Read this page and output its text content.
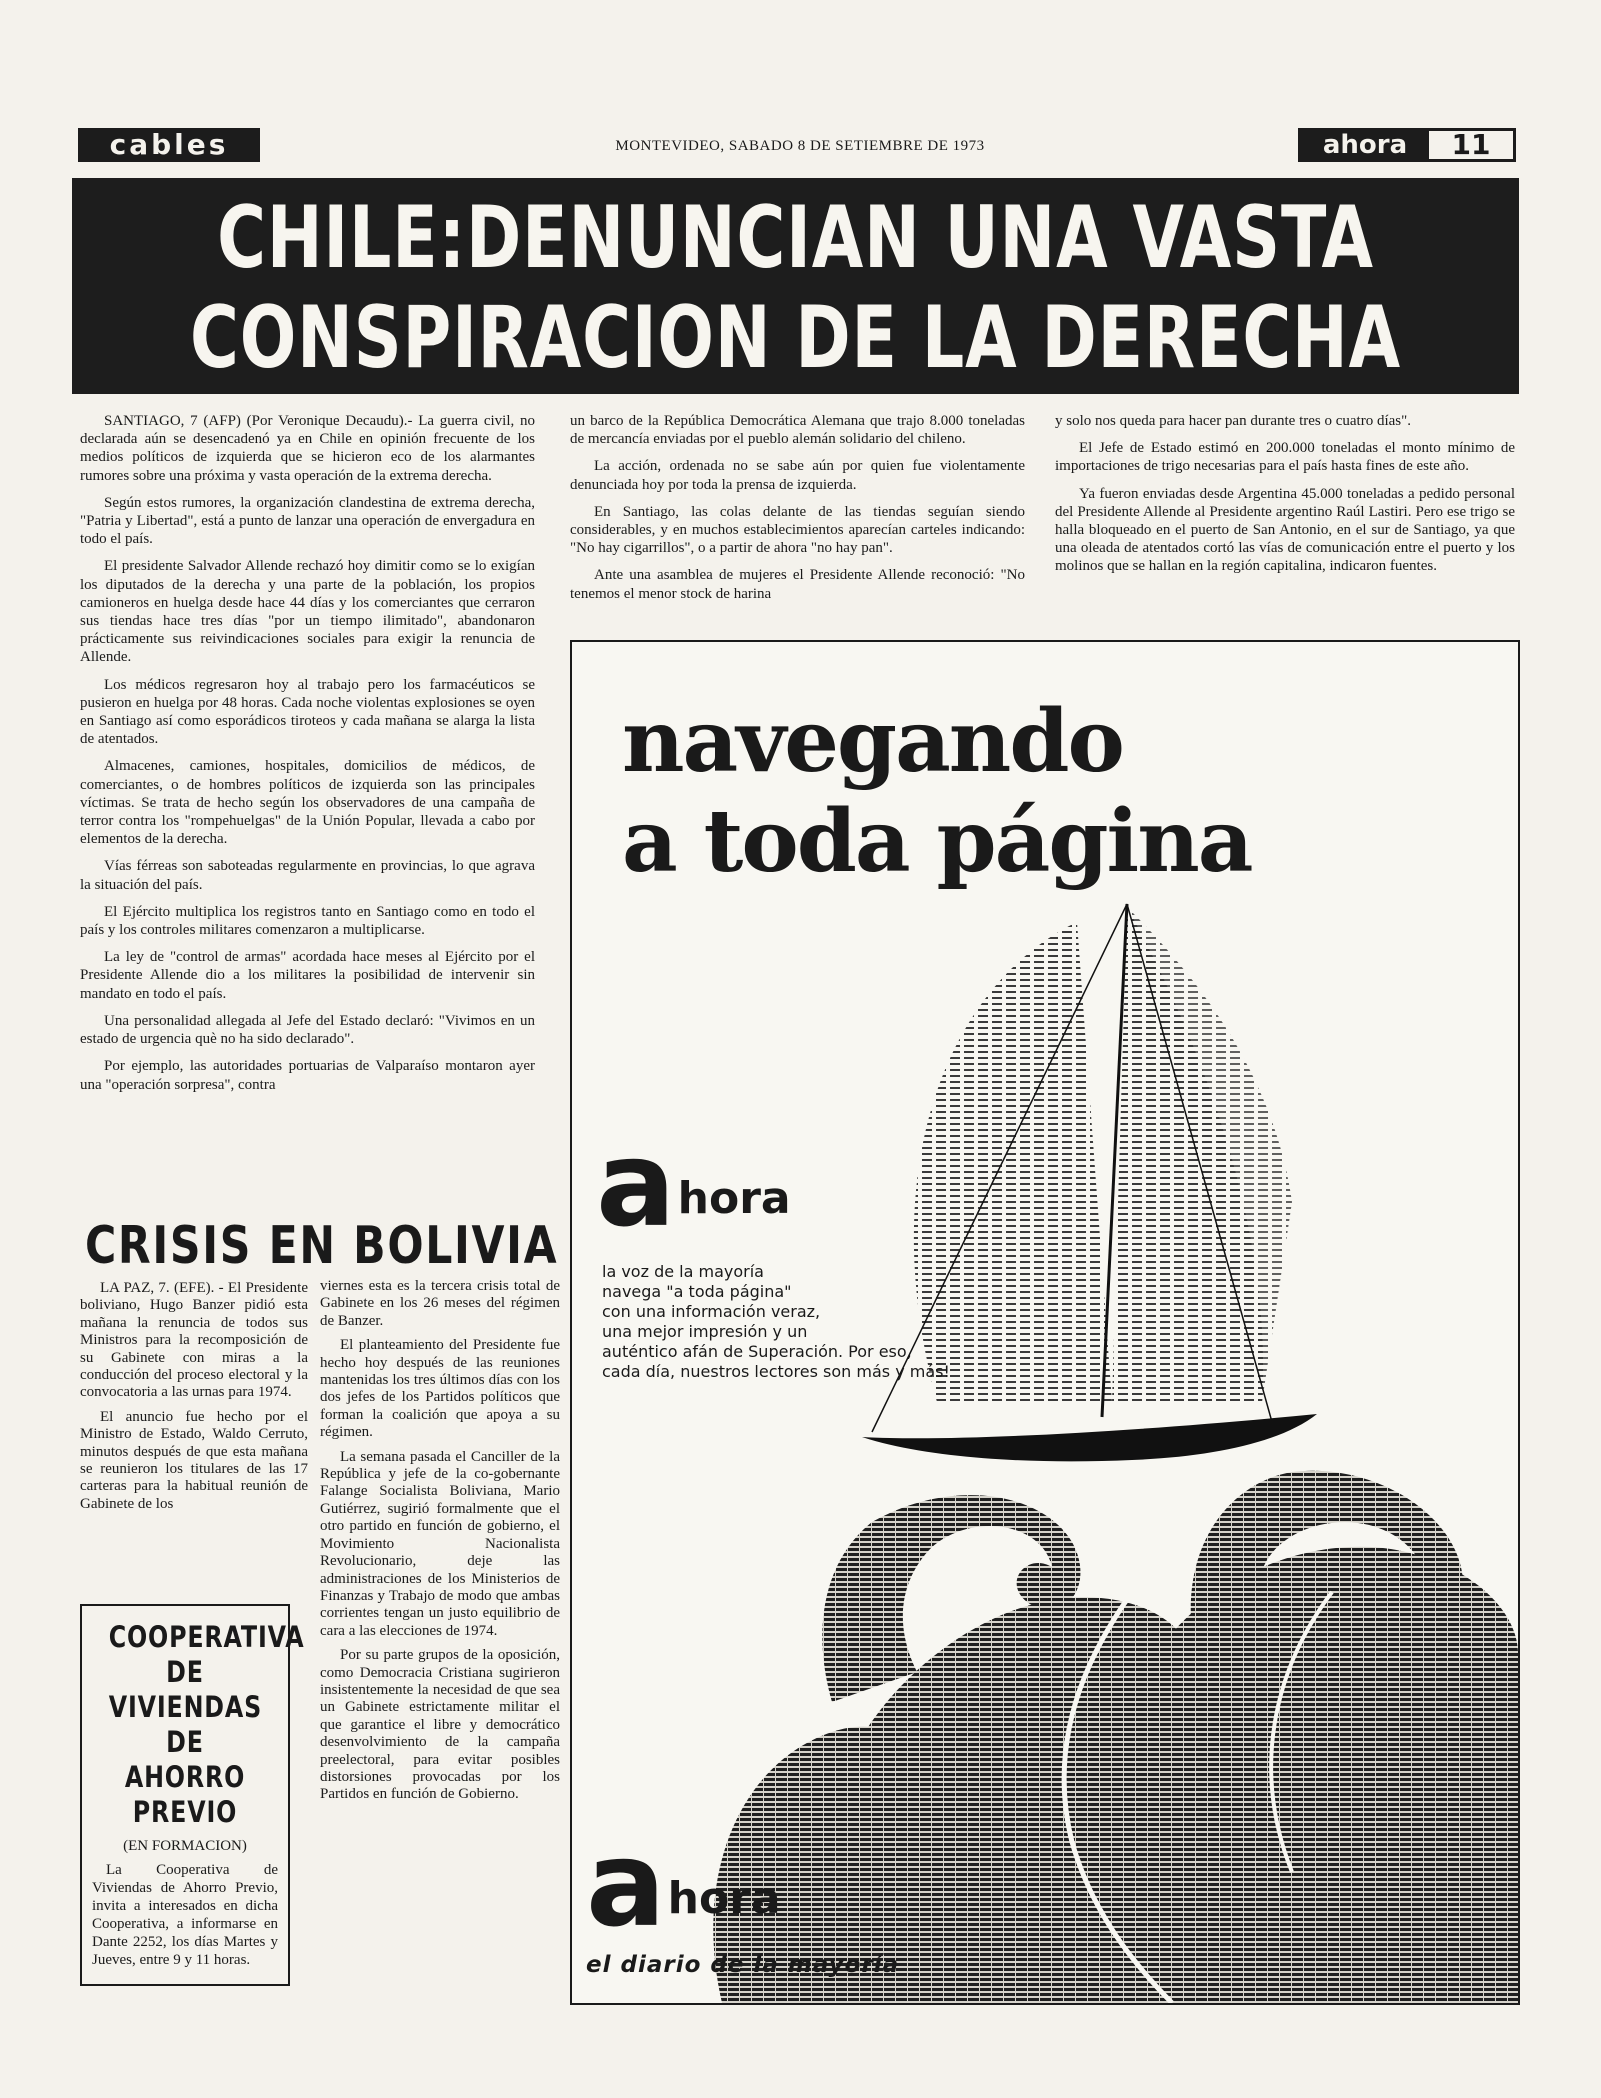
cables	MONTEVIDEO, SABADO 8 DE SETIEMBRE DE 1973	ahora	11
CHILE:DENUNCIAN UNA VASTA
CONSPIRACION DE LA DERECHA

SANTIAGO, 7 (AFP) (Por Veronique Decaudu).- La guerra civil, no declarada aún se desencadenó ya en Chile en opinión frecuente de los medios políticos de izquierda que se hicieron eco de los alarmantes rumores sobre una próxima y vasta operación de la extrema derecha.

Según estos rumores, la organización clandestina de extrema derecha, "Patria y Libertad", está a punto de lanzar una operación de envergadura en todo el país.

El presidente Salvador Allende rechazó hoy dimitir como se lo exigían los diputados de la derecha y una parte de la población, los propios camioneros en huelga desde hace 44 días y los comerciantes que cerraron sus tiendas hace tres días "por un tiempo ilimitado", abandonaron prácticamente sus reivindicaciones sociales para exigir la renuncia de Allende.

Los médicos regresaron hoy al trabajo pero los farmacéuticos se pusieron en huelga por 48 horas. Cada noche violentas explosiones se oyen en Santiago así como esporádicos tiroteos y cada mañana se alarga la lista de atentados.

Almacenes, camiones, hospitales, domicilios de médicos, de comerciantes, o de hombres políticos de izquierda son las principales víctimas. Se trata de hecho según los observadores de una campaña de terror contra los "rompehuelgas" de la Unión Popular, llevada a cabo por elementos de la derecha.

Vías férreas son saboteadas regularmente en provincias, lo que agrava la situación del país.

El Ejército multiplica los registros tanto en Santiago como en todo el país y los controles militares comenzaron a multiplicarse.

La ley de "control de armas" acordada hace meses al Ejército por el Presidente Allende dio a los militares la posibilidad de intervenir sin mandato en todo el país.

Una personalidad allegada al Jefe del Estado declaró: "Vivimos en un estado de urgencia què no ha sido declarado".

Por ejemplo, las autoridades portuarias de Valparaíso montaron ayer una "operación sorpresa", contra

un barco de la República Democrática Alemana que trajo 8.000 toneladas de mercancía enviadas por el pueblo alemán solidario del chileno.

La acción, ordenada no se sabe aún por quien fue violentamente denunciada hoy por toda la prensa de izquierda.

En Santiago, las colas delante de las tiendas seguían siendo considerables, y en muchos establecimientos aparecían carteles indicando: "No hay cigarrillos", o a partir de ahora "no hay pan".

Ante una asamblea de mujeres el Presidente Allende reconoció: "No tenemos el menor stock de harina

y solo nos queda para hacer pan durante tres o cuatro días".

El Jefe de Estado estimó en 200.000 toneladas el monto mínimo de importaciones de trigo necesarias para el país hasta fines de este año.

Ya fueron enviadas desde Argentina 45.000 toneladas a pedido personal del Presidente Allende al Presidente argentino Raúl Lastiri. Pero ese trigo se halla bloqueado en el puerto de San Antonio, en el sur de Santiago, ya que una oleada de atentados cortó las vías de comunicación entre el puerto y los molinos que se hallan en la región capitalina, indicaron fuentes.

CRISIS EN BOLIVIA

LA PAZ, 7. (EFE). - El Presidente boliviano, Hugo Banzer pidió esta mañana la renuncia de todos sus Ministros para la recomposición de su Gabinete con miras a la conducción del proceso electoral y la convocatoria a las urnas para 1974.

El anuncio fue hecho por el Ministro de Estado, Waldo Cerruto, minutos después de que esta mañana se reunieron los titulares de las 17 carteras para la habitual reunión de Gabinete de los

viernes esta es la tercera crisis total de Gabinete en los 26 meses del régimen de Banzer.

El planteamiento del Presidente fue hecho hoy después de las reuniones mantenidas los tres últimos días con los dos jefes de los Partidos políticos que forman la coalición que apoya a su régimen.

La semana pasada el Canciller de la República y jefe de la co-gobernante Falange Socialista Boliviana, Mario Gutiérrez, sugirió formalmente que el otro partido en función de gobierno, el Movimiento Nacionalista Revolucionario, deje las administraciones de los Ministerios de Finanzas y Trabajo de modo que ambas corrientes tengan un justo equilibrio de cara a las elecciones de 1974.

Por su parte grupos de la oposición, como Democracia Cristiana sugirieron insistentemente la necesidad de que sea un Gabinete estrictamente militar el que garantice el libre y democrático desenvolvimiento de la campaña preelectoral, para evitar posibles distorsiones provocadas por los Partidos en función de Gobierno.

COOPERATIVA
DE
VIVIENDAS
DE AHORRO
PREVIO
(EN FORMACION)
La Cooperativa de Viviendas de Ahorro Previo, invita a interesados en dicha Cooperativa, a informarse en Dante 2252, los días Martes y Jueves, entre 9 y 11 horas.
navegando
a toda página
a hora
la voz de la mayoría
navega "a toda página"
con una información veraz,
una mejor impresión y un
auténtico afán de Superación. Por eso,
cada día, nuestros lectores son más y más!
a hora
el diario de la mayoría
